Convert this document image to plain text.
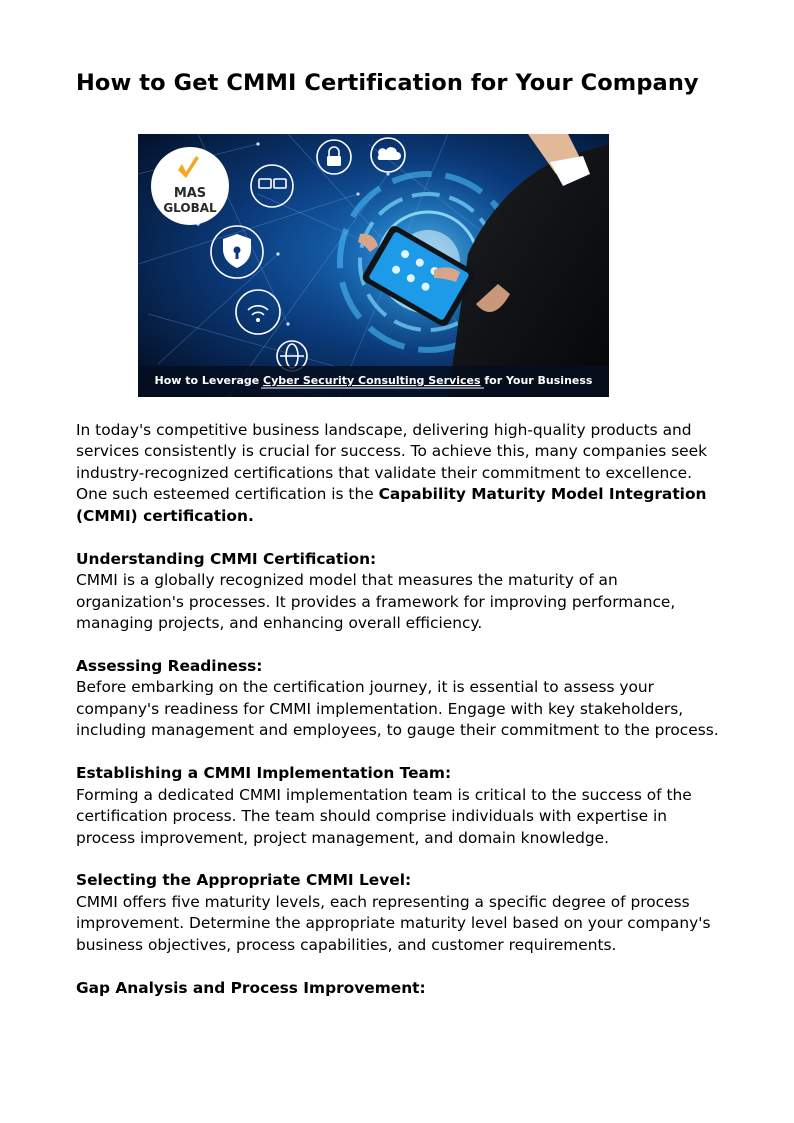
How to Get CMMI Certification for Your Company
MAS
GLOBAL
How to Leverage Cyber Security Consulting Services for Your Business

In today's competitive business landscape, delivering high-quality products and services consistently is crucial for success. To achieve this, many companies seek industry-recognized certifications that validate their commitment to excellence. One such esteemed certification is the Capability Maturity Model Integration (CMMI) certification.

Understanding CMMI Certification:
CMMI is a globally recognized model that measures the maturity of an organization's processes. It provides a framework for improving performance, managing projects, and enhancing overall efficiency.

Assessing Readiness:
Before embarking on the certification journey, it is essential to assess your company's readiness for CMMI implementation. Engage with key stakeholders, including management and employees, to gauge their commitment to the process.

Establishing a CMMI Implementation Team:
Forming a dedicated CMMI implementation team is critical to the success of the certification process. The team should comprise individuals with expertise in process improvement, project management, and domain knowledge.

Selecting the Appropriate CMMI Level:
CMMI offers five maturity levels, each representing a specific degree of process improvement. Determine the appropriate maturity level based on your company's business objectives, process capabilities, and customer requirements.

Gap Analysis and Process Improvement:
